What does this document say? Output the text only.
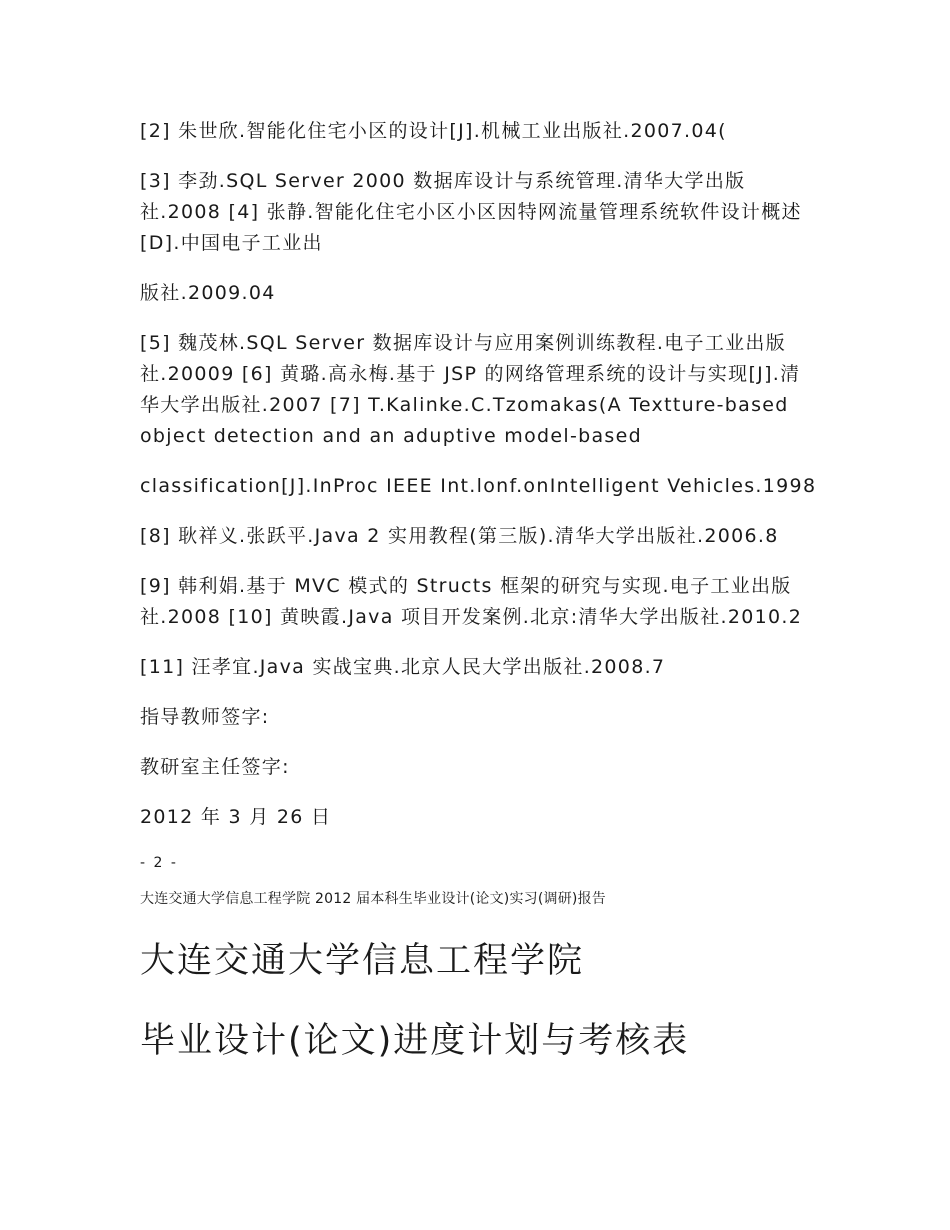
[2] 朱世欣.智能化住宅小区的设计[J].机械工业出版社.2007.04(

[3] 李劲.SQL Server 2000 数据库设计与系统管理.清华大学出版社.2008 [4] 张静.智能化住宅小区小区因特网流量管理系统软件设计概述[D].中国电子工业出

版社.2009.04

[5] 魏茂林.SQL Server 数据库设计与应用案例训练教程.电子工业出版社.20009 [6] 黄璐.高永梅.基于 JSP 的网络管理系统的设计与实现[J].清华大学出版社.2007 [7] T.Kalinke.C.Tzomakas(A Textture-based object detection and an aduptive model-based

classification[J].InProc IEEE Int.lonf.onIntelligent Vehicles.1998

[8] 耿祥义.张跃平.Java 2 实用教程(第三版).清华大学出版社.2006.8

[9] 韩利娟.基于 MVC 模式的 Structs 框架的研究与实现.电子工业出版社.2008 [10] 黄映霞.Java 项目开发案例.北京:清华大学出版社.2010.2

[11] 汪孝宜.Java 实战宝典.北京人民大学出版社.2008.7

指导教师签字:

教研室主任签字:

2012 年 3 月 26 日

- 2 -
大连交通大学信息工程学院 2012 届本科生毕业设计(论文)实习(调研)报告
大连交通大学信息工程学院
毕业设计(论文)进度计划与考核表
